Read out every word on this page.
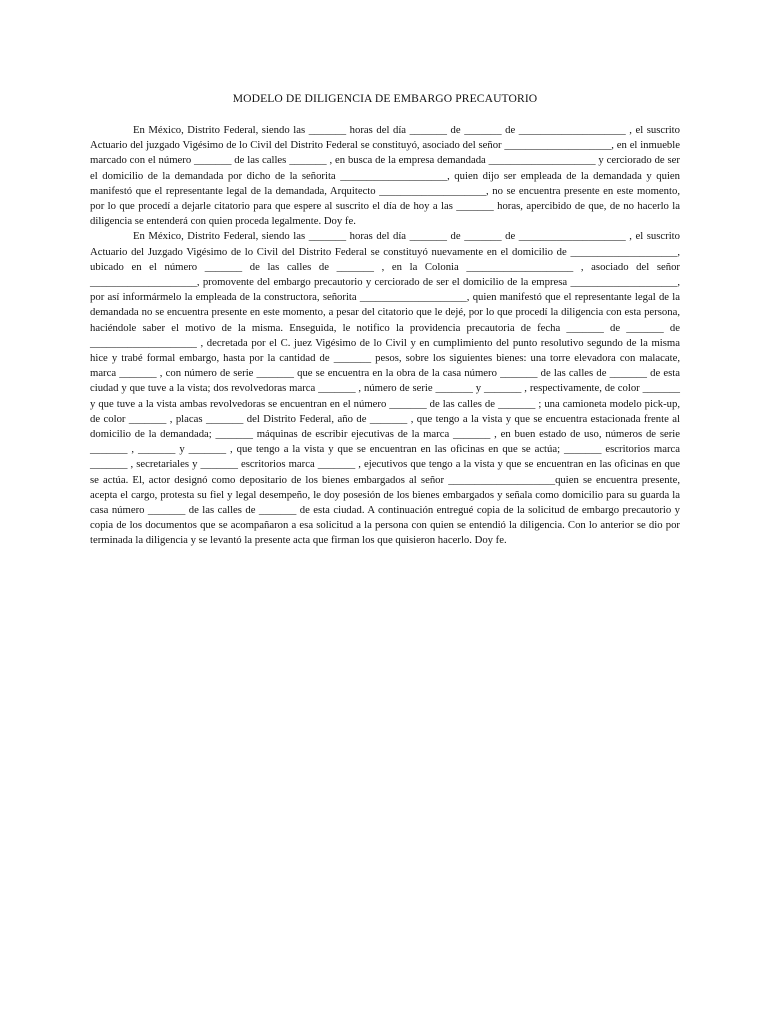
MODELO DE DILIGENCIA DE EMBARGO PRECAUTORIO

En México, Distrito Federal, siendo las _______ horas del día _______ de _______ de ____________________ , el suscrito Actuario del juzgado Vigésimo de lo Civil del Distrito Federal se constituyó, asociado del señor ____________________, en el inmueble marcado con el número _______ de las calles _______ , en busca de la empresa demandada ____________________ y cerciorado de ser el domicilio de la demandada por dicho de la señorita ____________________, quien dijo ser empleada de la demandada y quien manifestó que el representante legal de la demandada, Arquitecto ____________________, no se encuentra presente en este momento, por lo que procedí a dejarle citatorio para que espere al suscrito el día de hoy a las _______ horas, apercibido de que, de no hacerlo la diligencia se entenderá con quien proceda legalmente. Doy fe.

En México, Distrito Federal, siendo las _______ horas del día _______ de _______ de ____________________ , el suscrito Actuario del Juzgado Vigésimo de lo Civil del Distrito Federal se constituyó nuevamente en el domicilio de ____________________, ubicado en el número _______ de las calles de _______ , en la Colonia ____________________ , asociado del señor ____________________, promovente del embargo precautorio y cerciorado de ser el domicilio de la empresa ____________________, por así informármelo la empleada de la constructora, señorita ____________________, quien manifestó que el representante legal de la demandada no se encuentra presente en este momento, a pesar del citatorio que le dejé, por lo que procedí la diligencia con esta persona, haciéndole saber el motivo de la misma. Enseguida, le notifico la providencia precautoria de fecha _______ de _______ de ____________________ , decretada por el C. juez Vigésimo de lo Civil y en cumplimiento del punto resolutivo segundo de la misma hice y trabé formal embargo, hasta por la cantidad de _______ pesos, sobre los siguientes bienes: una torre elevadora con malacate, marca _______ , con número de serie _______ que se encuentra en la obra de la casa número _______ de las calles de _______ de esta ciudad y que tuve a la vista; dos revolvedoras marca _______ , número de serie _______ y _______ , respectivamente, de color _______ y que tuve a la vista ambas revolvedoras se encuentran en el número _______ de las calles de _______ ; una camioneta modelo pick-up, de color _______ , placas _______ del Distrito Federal, año de _______ , que tengo a la vista y que se encuentra estacionada frente al domicilio de la demandada; _______ máquinas de escribir ejecutivas de la marca _______ , en buen estado de uso, números de serie _______ , _______ y _______ , que tengo a la vista y que se encuentran en las oficinas en que se actúa; _______ escritorios marca _______ , secretariales y _______ escritorios marca _______ , ejecutivos que tengo a la vista y que se encuentran en las oficinas en que se actúa. El, actor designó como depositario de los bienes embargados al señor ____________________quien se encuentra presente, acepta el cargo, protesta su fiel y legal desempeño, le doy posesión de los bienes embargados y señala como domicilio para su guarda la casa número _______ de las calles de _______ de esta ciudad. A continuación entregué copia de la solicitud de embargo precautorio y copia de los documentos que se acompañaron a esa solicitud a la persona con quien se entendió la diligencia. Con lo anterior se dio por terminada la diligencia y se levantó la presente acta que firman los que quisieron hacerlo. Doy fe.
